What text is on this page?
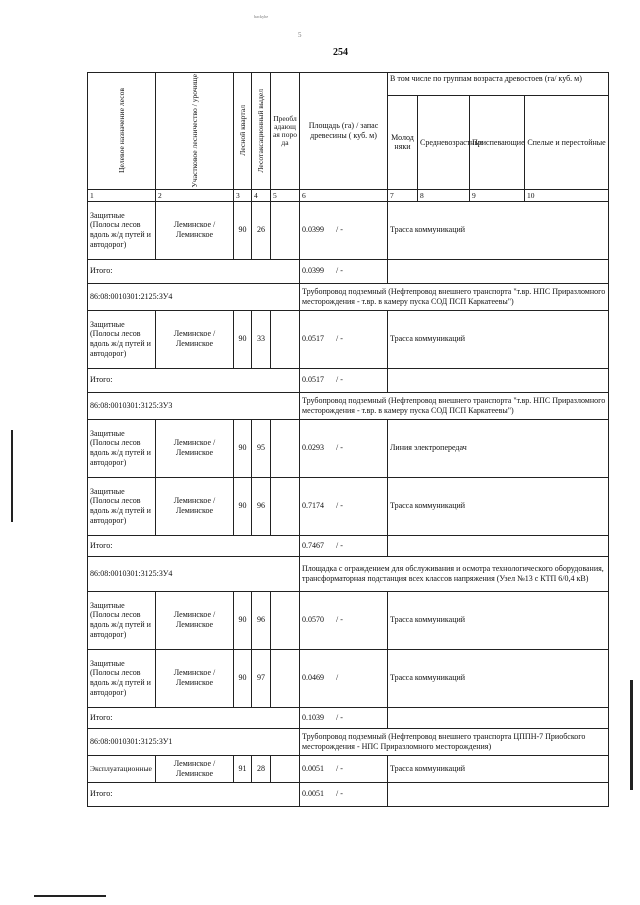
ᵇᵃᶜᵏʸʰᵉ
5
254
Целевое назначение лесов	Участковое лесничество / урочище	Лесной квартал	Лесотаксационный выдел	Преобладающая порода	Площадь (га) / запас древесины ( куб. м)	В том числе по группам возраста древостоев (га/ куб. м)			

						Молодняки	Средневозрастные	Приспевающие	Спелые и перестойные
1	2	3	4	5	6	7	8	9	10
Защитные (Полосы лесов вдоль ж/д путей и автодорог)	Леминское / Леминское	90	26		0.0399 / -	Трасса коммуникаций			
Итого:					0.0399 / -				
86:08:0010301:2125:ЗУ4					Трубопровод подземный (Нефтепровод внешнего транспорта "т.вр. НПС Приразломного месторождения - т.вр. в камеру пуска СОД ПСП Каркатеевы")				
Защитные (Полосы лесов вдоль ж/д путей и автодорог)	Леминское / Леминское	90	33		0.0517 / -	Трасса коммуникаций			
Итого:					0.0517 / -				
86:08:0010301:3125:ЗУ3					Трубопровод подземный (Нефтепровод внешнего транспорта "т.вр. НПС Приразломного месторождения - т.вр. в камеру пуска СОД ПСП Каркатеевы")				
Защитные (Полосы лесов вдоль ж/д путей и автодорог)	Леминское / Леминское	90	95		0.0293 / -	Линия электропередач			
Защитные (Полосы лесов вдоль ж/д путей и автодорог)	Леминское / Леминское	90	96		0.7174 / -	Трасса коммуникаций			
Итого:					0.7467 / -				
86:08:0010301:3125:ЗУ4					Площадка с ограждением для обслуживания и осмотра технологического оборудования, трансформаторная подстанция всех классов напряжения (Узел №13 с КТП 6/0,4 кВ)				
Защитные (Полосы лесов вдоль ж/д путей и автодорог)	Леминское / Леминское	90	96		0.0570 / -	Трасса коммуникаций			
Защитные (Полосы лесов вдоль ж/д путей и автодорог)	Леминское / Леминское	90	97		0.0469 /	Трасса коммуникаций			
Итого:					0.1039 / -				
86:08:0010301:3125:ЗУ1					Трубопровод подземный (Нефтепровод внешнего транспорта ЦППН-7 Приобского месторождения - НПС Приразломного месторождения)				
Эксплуатационные	Леминское / Леминское	91	28		0.0051 / -	Трасса коммуникаций			
Итого:					0.0051 / -				
